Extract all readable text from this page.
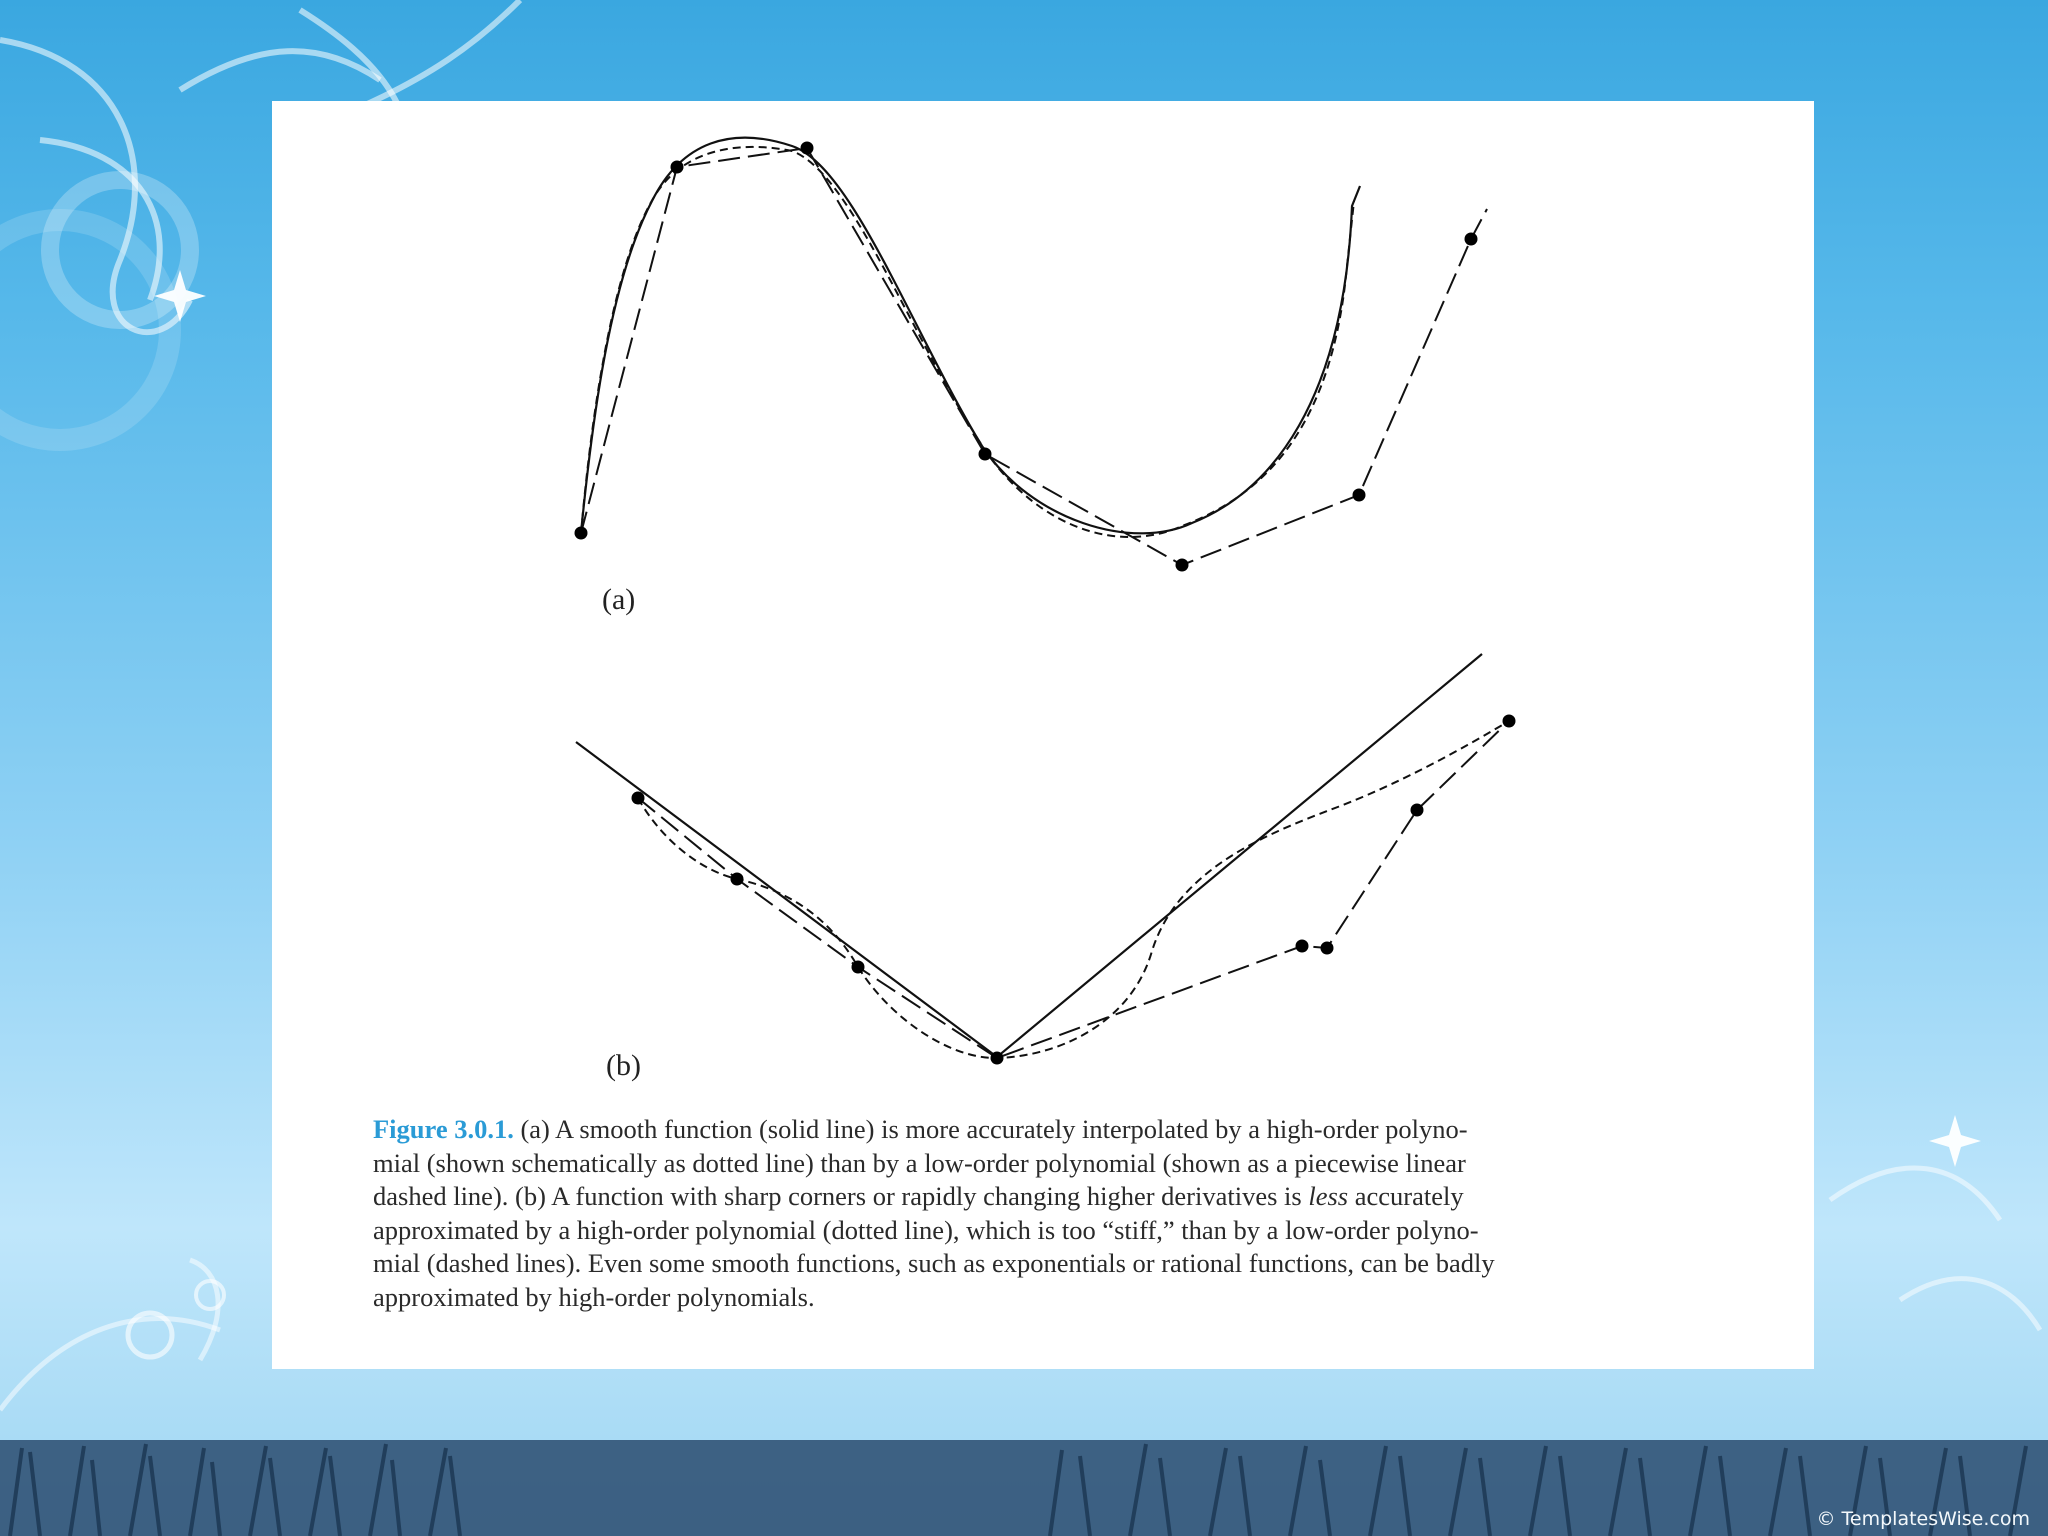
(a)
(b)
Figure 3.0.1. (a) A smooth function (solid line) is more accurately interpolated by a high-order polyno-
mial (shown schematically as dotted line) than by a low-order polynomial (shown as a piecewise linear
dashed line). (b) A function with sharp corners or rapidly changing higher derivatives is less accurately
approximated by a high-order polynomial (dotted line), which is too “stiff,” than by a low-order polyno-
mial (dashed lines). Even some smooth functions, such as exponentials or rational functions, can be badly
approximated by high-order polynomials.
© TemplatesWise.com
